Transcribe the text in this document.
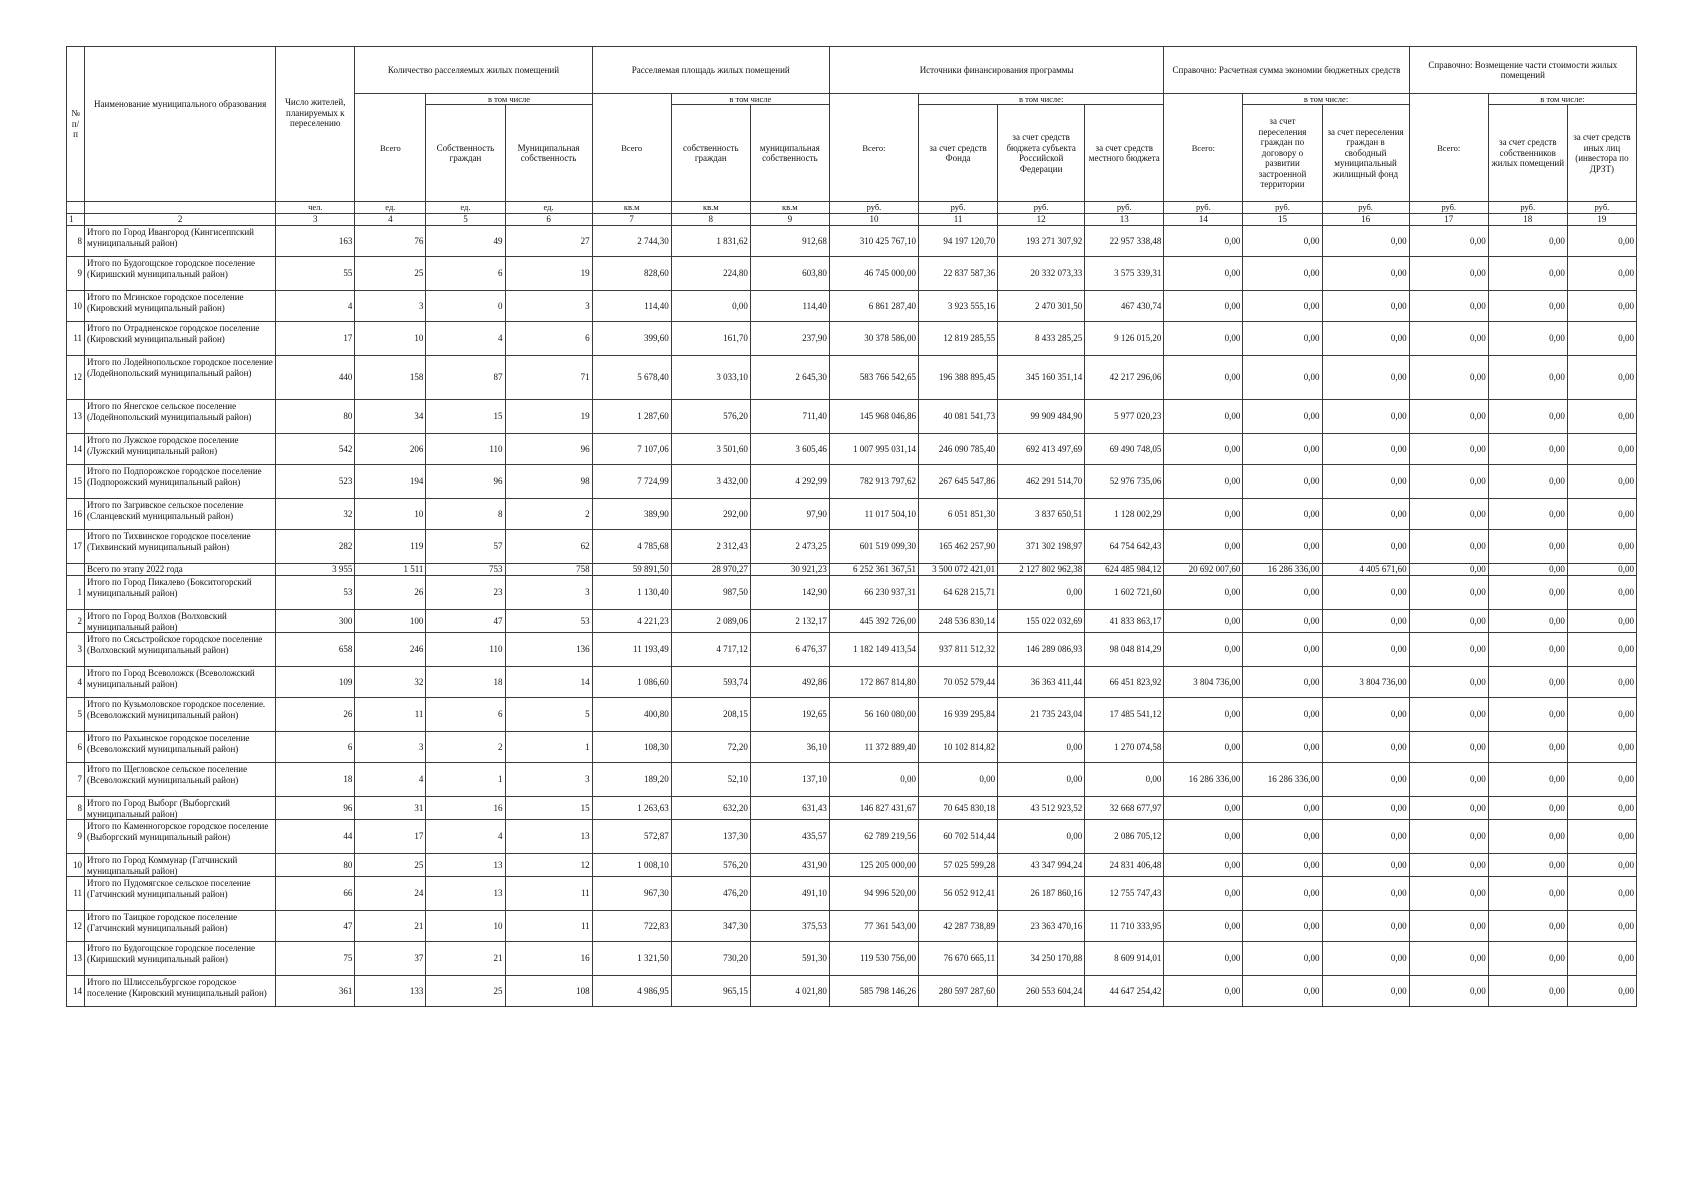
№ п/ п	Наименование муниципального образования	Число жителей, планируемых к переселению	Количество расселяемых жилых помещений			Расселяемая площадь жилых помещений			Источники финансирования программы				Справочно: Расчетная сумма экономии бюджетных средств			Справочно: Возмещение части стоимости жилых помещений		
			Всего	в том числе		Всего	в том числе		Всего:	в том числе:			Всего:	в том числе:		Всего:	в том числе:	
				Собственность граждан	Муниципальная собственность		собственность граждан	муниципальная собственность		за счет средств Фонда	за счет средств бюджета субъекта Российской Федерации	за счет средств местного бюджета		за счет переселения граждан по договору о развитии застроенной территории	за счет переселения граждан в свободный муниципальный жилищный фонд		за счет средств собственников жилых помещений	за счет средств иных лиц (инвестора по ДРЗТ)
		чел.	ед.	ед.	ед.	кв.м	кв.м	кв.м	руб.	руб.	руб.	руб.	руб.	руб.	руб.	руб.	руб.	руб.
1	2	3	4	5	6	7	8	9	10	11	12	13	14	15	16	17	18	19
8	Итого по Город Ивангород (Кингисеппский муниципальный район)	163	76	49	27	2 744,30	1 831,62	912,68	310 425 767,10	94 197 120,70	193 271 307,92	22 957 338,48	0,00	0,00	0,00	0,00	0,00	0,00
9	Итого по Будогощское городское поселение (Киришский муниципальный район)	55	25	6	19	828,60	224,80	603,80	46 745 000,00	22 837 587,36	20 332 073,33	3 575 339,31	0,00	0,00	0,00	0,00	0,00	0,00
10	Итого по Мгинское городское поселение (Кировский муниципальный район)	4	3	0	3	114,40	0,00	114,40	6 861 287,40	3 923 555,16	2 470 301,50	467 430,74	0,00	0,00	0,00	0,00	0,00	0,00
11	Итого по Отрадненское городское поселение (Кировский муниципальный район)	17	10	4	6	399,60	161,70	237,90	30 378 586,00	12 819 285,55	8 433 285,25	9 126 015,20	0,00	0,00	0,00	0,00	0,00	0,00
12	Итого по Лодейнопольское городское поселение (Лодейнопольский муниципальный район)	440	158	87	71	5 678,40	3 033,10	2 645,30	583 766 542,65	196 388 895,45	345 160 351,14	42 217 296,06	0,00	0,00	0,00	0,00	0,00	0,00
13	Итого по Янегское сельское поселение (Лодейнопольский муниципальный район)	80	34	15	19	1 287,60	576,20	711,40	145 968 046,86	40 081 541,73	99 909 484,90	5 977 020,23	0,00	0,00	0,00	0,00	0,00	0,00
14	Итого по Лужское городское поселение (Лужский муниципальный район)	542	206	110	96	7 107,06	3 501,60	3 605,46	1 007 995 031,14	246 090 785,40	692 413 497,69	69 490 748,05	0,00	0,00	0,00	0,00	0,00	0,00
15	Итого по Подпорожское городское поселение (Подпорожский муниципальный район)	523	194	96	98	7 724,99	3 432,00	4 292,99	782 913 797,62	267 645 547,86	462 291 514,70	52 976 735,06	0,00	0,00	0,00	0,00	0,00	0,00
16	Итого по Загривское сельское поселение (Сланцевский муниципальный район)	32	10	8	2	389,90	292,00	97,90	11 017 504,10	6 051 851,30	3 837 650,51	1 128 002,29	0,00	0,00	0,00	0,00	0,00	0,00
17	Итого по Тихвинское городское поселение (Тихвинский муниципальный район)	282	119	57	62	4 785,68	2 312,43	2 473,25	601 519 099,30	165 462 257,90	371 302 198,97	64 754 642,43	0,00	0,00	0,00	0,00	0,00	0,00
	Всего по этапу 2022 года	3 955	1 511	753	758	59 891,50	28 970,27	30 921,23	6 252 361 367,51	3 500 072 421,01	2 127 802 962,38	624 485 984,12	20 692 007,60	16 286 336,00	4 405 671,60	0,00	0,00	0,00
1	Итого по Город Пикалево (Бокситогорский муниципальный район)	53	26	23	3	1 130,40	987,50	142,90	66 230 937,31	64 628 215,71	0,00	1 602 721,60	0,00	0,00	0,00	0,00	0,00	0,00
2	Итого по Город Волхов (Волховский муниципальный район)	300	100	47	53	4 221,23	2 089,06	2 132,17	445 392 726,00	248 536 830,14	155 022 032,69	41 833 863,17	0,00	0,00	0,00	0,00	0,00	0,00
3	Итого по Сясьстройское городское поселение (Волховский муниципальный район)	658	246	110	136	11 193,49	4 717,12	6 476,37	1 182 149 413,54	937 811 512,32	146 289 086,93	98 048 814,29	0,00	0,00	0,00	0,00	0,00	0,00
4	Итого по Город Всеволожск (Всеволожский муниципальный район)	109	32	18	14	1 086,60	593,74	492,86	172 867 814,80	70 052 579,44	36 363 411,44	66 451 823,92	3 804 736,00	0,00	3 804 736,00	0,00	0,00	0,00
5	Итого по Кузьмоловское городское поселение. (Всеволожский муниципальный район)	26	11	6	5	400,80	208,15	192,65	56 160 080,00	16 939 295,84	21 735 243,04	17 485 541,12	0,00	0,00	0,00	0,00	0,00	0,00
6	Итого по Рахьинское городское поселение (Всеволожский муниципальный район)	6	3	2	1	108,30	72,20	36,10	11 372 889,40	10 102 814,82	0,00	1 270 074,58	0,00	0,00	0,00	0,00	0,00	0,00
7	Итого по Щегловское сельское поселение (Всеволожский муниципальный район)	18	4	1	3	189,20	52,10	137,10	0,00	0,00	0,00	0,00	16 286 336,00	16 286 336,00	0,00	0,00	0,00	0,00
8	Итого по Город Выборг (Выборгский муниципальный район)	96	31	16	15	1 263,63	632,20	631,43	146 827 431,67	70 645 830,18	43 512 923,52	32 668 677,97	0,00	0,00	0,00	0,00	0,00	0,00
9	Итого по Каменногорское городское поселение (Выборгский муниципальный район)	44	17	4	13	572,87	137,30	435,57	62 789 219,56	60 702 514,44	0,00	2 086 705,12	0,00	0,00	0,00	0,00	0,00	0,00
10	Итого по Город Коммунар (Гатчинский муниципальный район)	80	25	13	12	1 008,10	576,20	431,90	125 205 000,00	57 025 599,28	43 347 994,24	24 831 406,48	0,00	0,00	0,00	0,00	0,00	0,00
11	Итого по Пудомягское сельское поселение (Гатчинский муниципальный район)	66	24	13	11	967,30	476,20	491,10	94 996 520,00	56 052 912,41	26 187 860,16	12 755 747,43	0,00	0,00	0,00	0,00	0,00	0,00
12	Итого по Таицкое городское поселение (Гатчинский муниципальный район)	47	21	10	11	722,83	347,30	375,53	77 361 543,00	42 287 738,89	23 363 470,16	11 710 333,95	0,00	0,00	0,00	0,00	0,00	0,00
13	Итого по Будогощское городское поселение (Киришский муниципальный район)	75	37	21	16	1 321,50	730,20	591,30	119 530 756,00	76 670 665,11	34 250 170,88	8 609 914,01	0,00	0,00	0,00	0,00	0,00	0,00
14	Итого по Шлиссельбургское городское поселение (Кировский муниципальный район)	361	133	25	108	4 986,95	965,15	4 021,80	585 798 146,26	280 597 287,60	260 553 604,24	44 647 254,42	0,00	0,00	0,00	0,00	0,00	0,00
